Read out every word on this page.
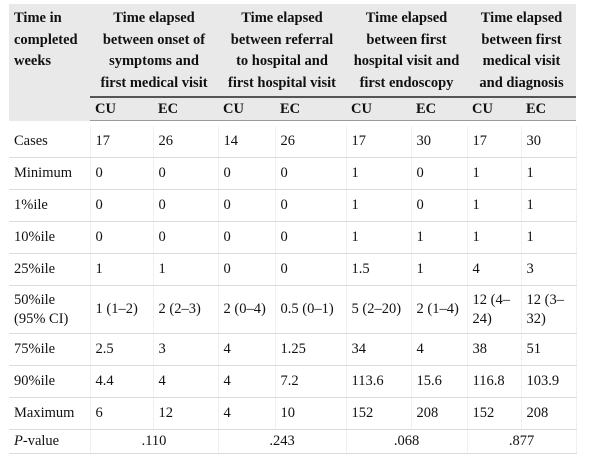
Time in completed weeks	Time elapsed between onset of symptoms and first medical visit		Time elapsed between referral to hospital and first hospital visit		Time elapsed between first hospital visit and first endoscopy		Time elapsed between first medical visit and diagnosis	
	CU	EC	CU	EC	CU	EC	CU	EC

Cases	17	26	14	26	17	30	17	30
Minimum	0	0	0	0	1	0	1	1
1%ile	0	0	0	0	1	0	1	1
10%ile	0	0	0	0	1	1	1	1
25%ile	1	1	0	0	1.5	1	4	3
50%ile (95% CI)	1 (1–2)	2 (2–3)	2 (0–4)	0.5 (0–1)	5 (2–20)	2 (1–4)	12 (4–24)	12 (3–32)
75%ile	2.5	3	4	1.25	34	4	38	51
90%ile	4.4	4	4	7.2	113.6	15.6	116.8	103.9
Maximum	6	12	4	10	152	208	152	208
P-value	.110		.243		.068		.877	
